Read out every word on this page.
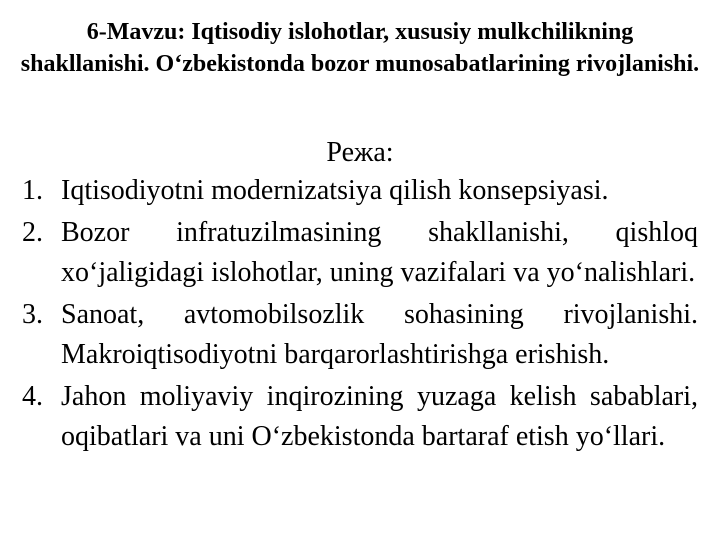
6-Mavzu: Iqtisodiy islohotlar, xususiy mulkchilikning shakllanishi. O‘zbekistonda bozor munosabatlarining rivojlanishi.

Режа:

1. Iqtisodiyotni modernizatsiya qilish konsepsiyasi.
2. Bozor infratuzilmasining shakllanishi, qishloq xo‘jaligidagi islohotlar, uning vazifalari va yo‘nalishlari.
3. Sanoat, avtomobilsozlik sohasining rivojlanishi. Makroiqtisodiyotni barqarorlashtirishga erishish.
4. Jahon moliyaviy inqirozining yuzaga kelish sabablari, oqibatlari va uni O‘zbekistonda bartaraf etish yo‘llari.
